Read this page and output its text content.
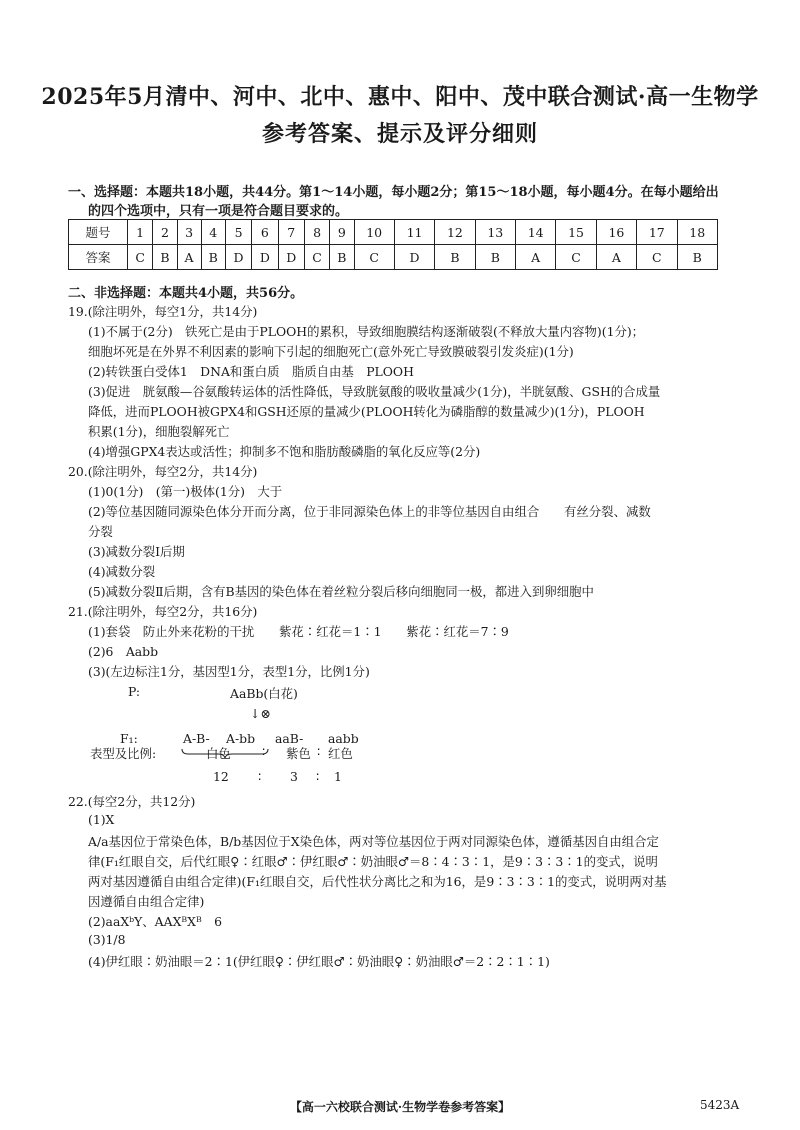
2025年5月清中、河中、北中、惠中、阳中、茂中联合测试·高一生物学
参考答案、提示及评分细则
一、选择题：本题共18小题，共44分。第1～14小题，每小题2分；第15～18小题，每小题4分。在每小题给出
的四个选项中，只有一项是符合题目要求的。
题号	1	2	3	4	5	6	7	8	9	10	11	12	13	14	15	16	17	18
答案	C	B	A	B	D	D	D	C	B	C	D	B	B	A	C	A	C	B
二、非选择题：本题共4小题，共56分。
19.(除注明外，每空1分，共14分)
(1)不属于(2分)　铁死亡是由于PLOOH的累积，导致细胞膜结构逐渐破裂(不释放大量内容物)(1分)；
细胞坏死是在外界不利因素的影响下引起的细胞死亡(意外死亡导致膜破裂引发炎症)(1分)
(2)转铁蛋白受体1　DNA和蛋白质　脂质自由基　PLOOH
(3)促进　胱氨酸—谷氨酸转运体的活性降低，导致胱氨酸的吸收量减少(1分)，半胱氨酸、GSH的合成量
降低，进而PLOOH被GPX4和GSH还原的量减少(PLOOH转化为磷脂醇的数量减少)(1分)，PLOOH
积累(1分)，细胞裂解死亡
(4)增强GPX4表达或活性；抑制多不饱和脂肪酸磷脂的氧化反应等(2分)
20.(除注明外，每空2分，共14分)
(1)0(1分)　(第一)极体(1分)　大于
(2)等位基因随同源染色体分开而分离，位于非同源染色体上的非等位基因自由组合　　有丝分裂、减数
分裂
(3)减数分裂Ⅰ后期
(4)减数分裂
(5)减数分裂Ⅱ后期，含有B基因的染色体在着丝粒分裂后移向细胞同一极，都进入到卵细胞中
21.(除注明外，每空2分，共16分)
(1)套袋　防止外来花粉的干扰　　紫花∶红花＝1∶1　　紫花∶红花＝7∶9
(2)6　Aabb
(3)(左边标注1分，基因型1分，表型1分，比例1分)
P:	AaBb(白花)
↓⊗
F₁:	A-B- A-bb aaB- aabb
表型及比例:	白色	∶ 紫色 ∶ 红色
12 ∶ 3 ∶ 1
22.(每空2分，共12分)
(1)X
A/a基因位于常染色体，B/b基因位于X染色体，两对等位基因位于两对同源染色体，遵循基因自由组合定
律(F₁红眼自交，后代红眼♀∶红眼♂∶伊红眼♂∶奶油眼♂＝8∶4∶3∶1，是9∶3∶3∶1的变式，说明
两对基因遵循自由组合定律)(F₁红眼自交，后代性状分离比之和为16，是9∶3∶3∶1的变式，说明两对基
因遵循自由组合定律)
(2)aaXᵇY、AAXᴮXᴮ　6
(3)1/8
(4)伊红眼∶奶油眼＝2∶1(伊红眼♀∶伊红眼♂∶奶油眼♀∶奶油眼♂＝2∶2∶1∶1)
【高一六校联合测试·生物学卷参考答案】	5423A
